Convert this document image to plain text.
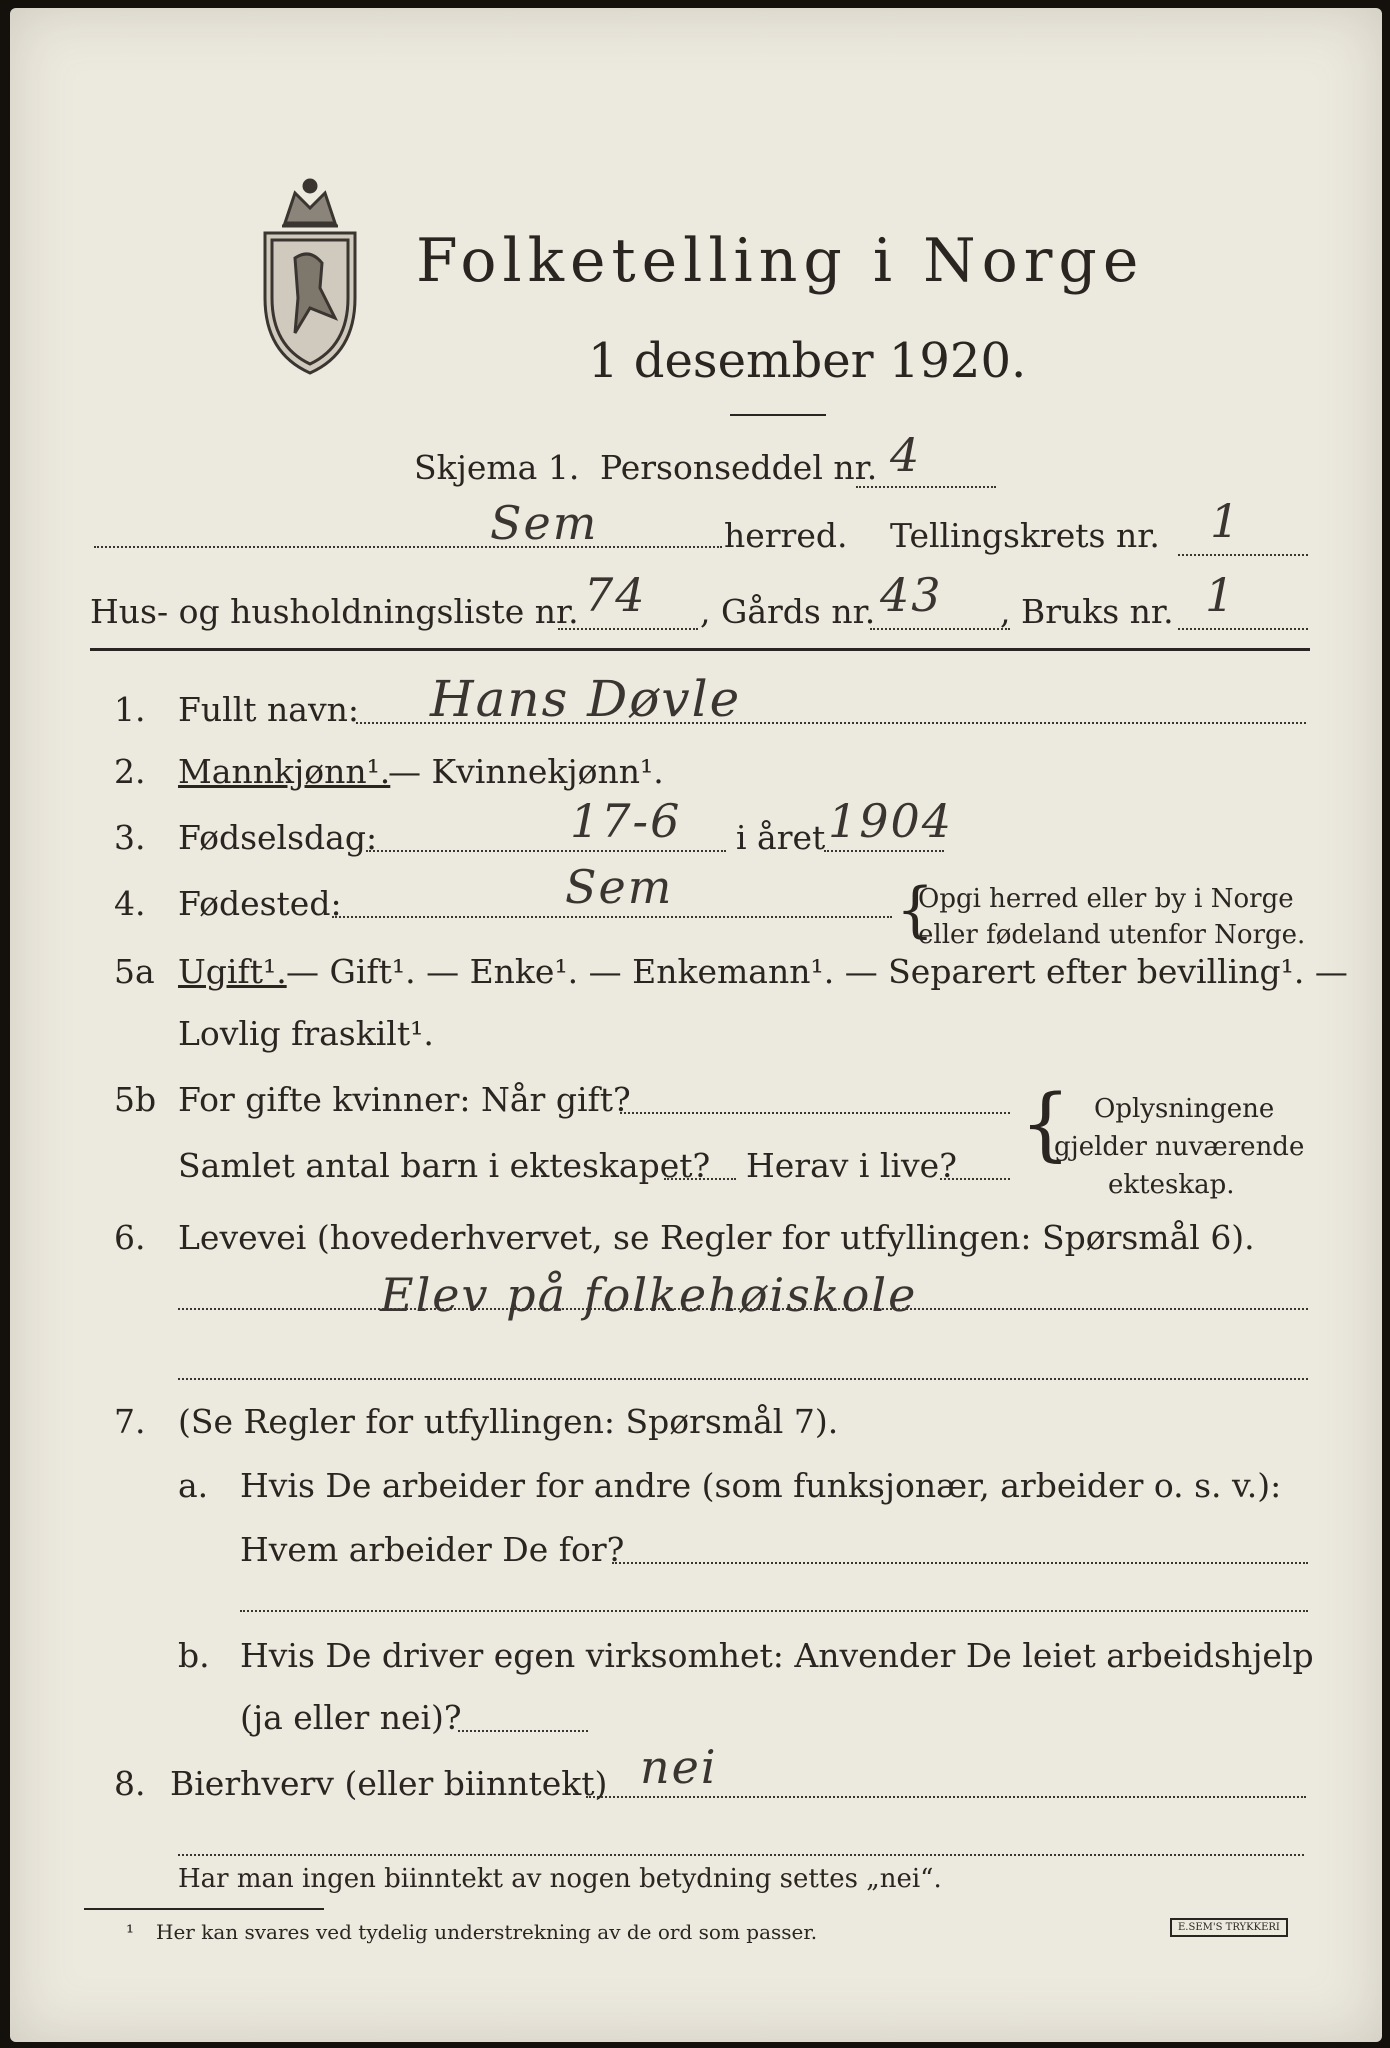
Folketelling i Norge
1 desember 1920.
Skjema 1. Personseddel nr. 4
Sem	herred. Tellingskrets nr. 1
Hus- og husholdningsliste nr. 74 , Gårds nr. 43 , Bruks nr. 1
1. Fullt navn: Hans Døvle
2. Mannkjønn¹.
— Kvinnekjønn¹.
3. Fødselsdag:	17-6 i året 1904
4. Fødested:	Sem	{
Opgi herred eller by i Norge
eller fødeland utenfor Norge.
5a Ugift¹. — Gift¹. — Enke¹. — Enkemann¹. — Separert efter bevilling¹. —
Lovlig fraskilt¹.
5b For gifte kvinner: Når gift?
Samlet antal barn i ekteskapet? Herav i live? { Oplysningene
gjelder nuværende
ekteskap.
6. Levevei (hovederhvervet, se Regler for utfyllingen: Spørsmål 6).
Elev på folkehøiskole
7. (Se Regler for utfyllingen: Spørsmål 7).
a. Hvis De arbeider for andre (som funksjonær, arbeider o. s. v.):
Hvem arbeider De for?
b. Hvis De driver egen virksomhet: Anvender De leiet arbeidshjelp
(ja eller nei)?
8. Bierhverv (eller biinntekt) nei
Har man ingen biinntekt av nogen betydning settes „nei“.
¹ Her kan svares ved tydelig understrekning av de ord som passer.	E.SEM'S TRYKKERI
